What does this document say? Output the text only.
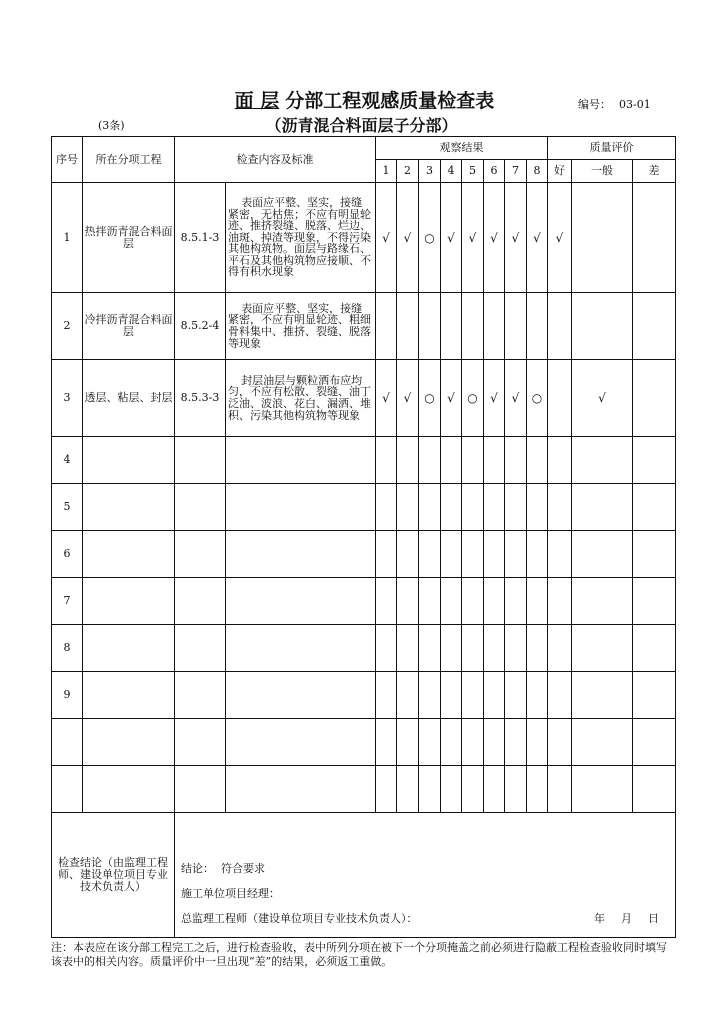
面 层 分部工程观感质量检查表
（沥青混合料面层子分部）
编号： 03-01
(3条)
序号	所在分项工程	检查内容及标准		观察结果								质量评价		
				1	2	3	4	5	6	7	8	好	一般	差
1	热拌沥青混合料面层	8.5.1-3	表面应平整、坚实，接缝紧密，无枯焦；不应有明显轮迹、推挤裂缝、脱落、烂边、油斑、掉渣等现象，不得污染其他构筑物。面层与路缘石、平石及其他构筑物应接顺、不得有积水现象	√	√	○	√	√	√	√	√	√		
2	冷拌沥青混合料面层	8.5.2-4	表面应平整、坚实，接缝紧密，不应有明显轮迹、粗细骨料集中、推挤、裂缝、脱落等现象											
3	透层、粘层、封层	8.5.3-3	封层油层与颗粒洒布应均匀，不应有松散、裂缝、油丁泛油、波浪、花白、漏洒、堆积、污染其他构筑物等现象	√	√	○	√	○	√	√	○		√	
4														
5														
6														
7														
8														
9														

检查结论（由监理工程师、建设单位项目专业技术负责人）		结论： 符合要求
施工单位项目经理：
总监理工程师（建设单位项目专业技术负责人）： 年 月 日												
注：本表应在该分部工程完工之后，进行检查验收，表中所列分项在被下一个分项掩盖之前必须进行隐蔽工程检查验收同时填写该表中的相关内容。质量评价中一旦出现“差”的结果，必须返工重做。
